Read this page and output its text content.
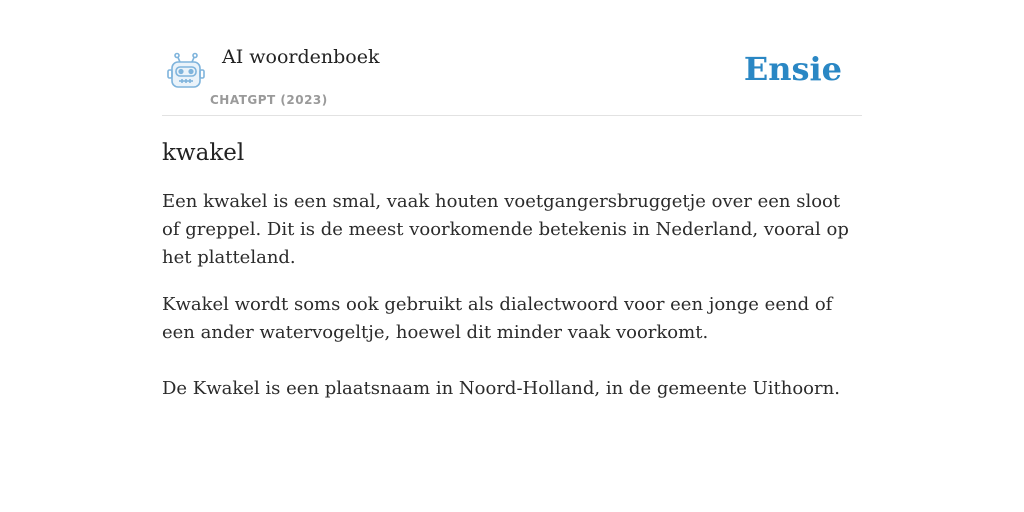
AI woordenboek
CHATGPT (2023)
Ensie
kwakel

Een kwakel is een smal, vaak houten voetgangersbruggetje over een sloot of greppel. Dit is de meest voorkomende betekenis in Nederland, vooral op het platteland.

Kwakel wordt soms ook gebruikt als dialectwoord voor een jonge eend of een ander watervogeltje, hoewel dit minder vaak voorkomt.

De Kwakel is een plaatsnaam in Noord-Holland, in de gemeente Uithoorn.
